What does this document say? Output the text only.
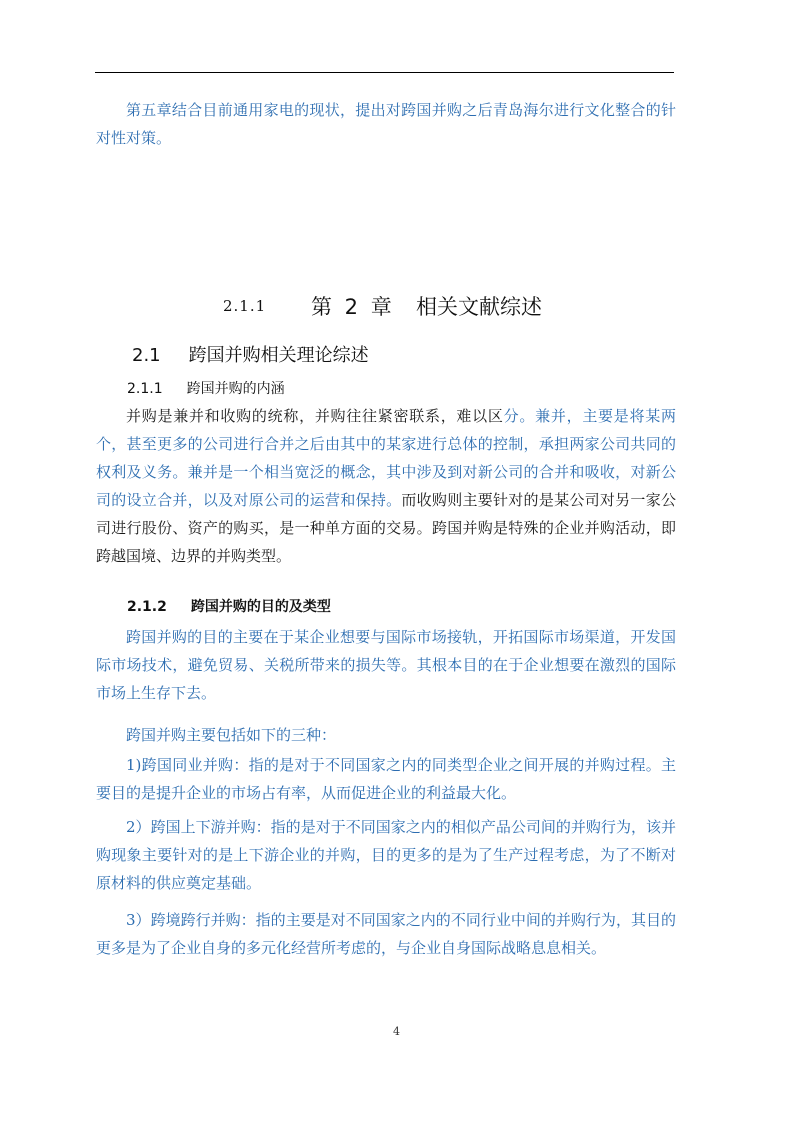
第五章结合目前通用家电的现状，提出对跨国并购之后青岛海尔进行文化整合的针对性对策。

2.1.1 第 2 章 相关文献综述
2.1 跨国并购相关理论综述
2.1.1 跨国并购的内涵

并购是兼并和收购的统称，并购往往紧密联系，难以区分。兼并，主要是将某两个，甚至更多的公司进行合并之后由其中的某家进行总体的控制，承担两家公司共同的权利及义务。兼并是一个相当宽泛的概念，其中涉及到对新公司的合并和吸收，对新公司的设立合并，以及对原公司的运营和保持。而收购则主要针对的是某公司对另一家公司进行股份、资产的购买，是一种单方面的交易。跨国并购是特殊的企业并购活动，即跨越国境、边界的并购类型。

2.1.2 跨国并购的目的及类型

跨国并购的目的主要在于某企业想要与国际市场接轨，开拓国际市场渠道，开发国际市场技术，避免贸易、关税所带来的损失等。其根本目的在于企业想要在激烈的国际市场上生存下去。

跨国并购主要包括如下的三种：

1)跨国同业并购：指的是对于不同国家之内的同类型企业之间开展的并购过程。主要目的是提升企业的市场占有率，从而促进企业的利益最大化。

2）跨国上下游并购：指的是对于不同国家之内的相似产品公司间的并购行为，该并购现象主要针对的是上下游企业的并购，目的更多的是为了生产过程考虑，为了不断对原材料的供应奠定基础。

3）跨境跨行并购：指的主要是对不同国家之内的不同行业中间的并购行为，其目的更多是为了企业自身的多元化经营所考虑的，与企业自身国际战略息息相关。

4
